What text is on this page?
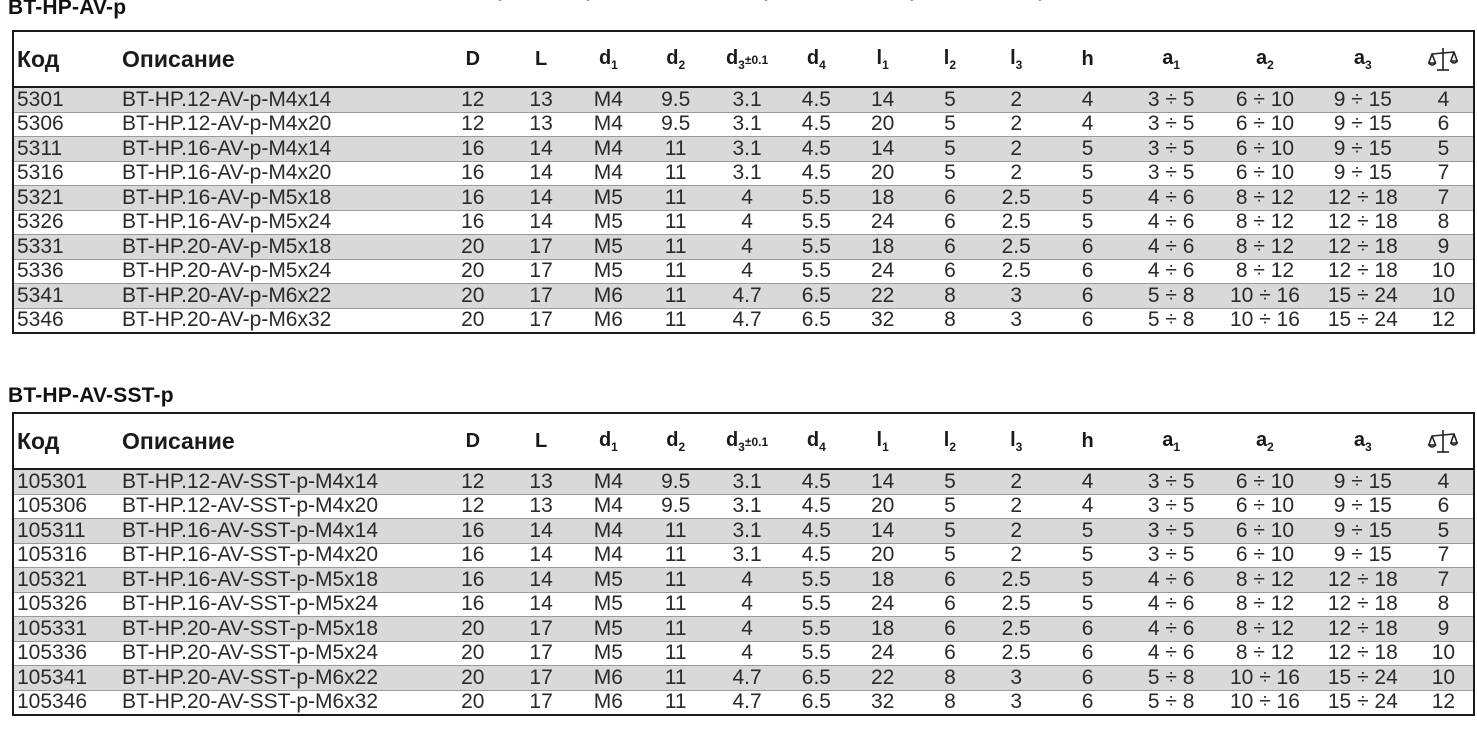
BT-HP-AV-p
Код	Описание	D	L	$d_1$	$d_2$	$d_3\pm 0.1$	$d_4$	$l_1$	$l_2$	$l_3$	h	$a_1$	$a_2$	$a_3$	
5301	BT-HP.12-AV-p-M4x14	12	13	M4	9.5	3.1	4.5	14	5	2	4	3 ÷ 5	6 ÷ 10	9 ÷ 15	4
5306	BT-HP.12-AV-p-M4x20	12	13	M4	9.5	3.1	4.5	20	5	2	4	3 ÷ 5	6 ÷ 10	9 ÷ 15	6
5311	BT-HP.16-AV-p-M4x14	16	14	M4	11	3.1	4.5	14	5	2	5	3 ÷ 5	6 ÷ 10	9 ÷ 15	5
5316	BT-HP.16-AV-p-M4x20	16	14	M4	11	3.1	4.5	20	5	2	5	3 ÷ 5	6 ÷ 10	9 ÷ 15	7
5321	BT-HP.16-AV-p-M5x18	16	14	M5	11	4	5.5	18	6	2.5	5	4 ÷ 6	8 ÷ 12	12 ÷ 18	7
5326	BT-HP.16-AV-p-M5x24	16	14	M5	11	4	5.5	24	6	2.5	5	4 ÷ 6	8 ÷ 12	12 ÷ 18	8
5331	BT-HP.20-AV-p-M5x18	20	17	M5	11	4	5.5	18	6	2.5	6	4 ÷ 6	8 ÷ 12	12 ÷ 18	9
5336	BT-HP.20-AV-p-M5x24	20	17	M5	11	4	5.5	24	6	2.5	6	4 ÷ 6	8 ÷ 12	12 ÷ 18	10
5341	BT-HP.20-AV-p-M6x22	20	17	M6	11	4.7	6.5	22	8	3	6	5 ÷ 8	10 ÷ 16	15 ÷ 24	10
5346	BT-HP.20-AV-p-M6x32	20	17	M6	11	4.7	6.5	32	8	3	6	5 ÷ 8	10 ÷ 16	15 ÷ 24	12
BT-HP-AV-SST-p
Код	Описание	D	L	$d_1$	$d_2$	$d_3\pm 0.1$	$d_4$	$l_1$	$l_2$	$l_3$	h	$a_1$	$a_2$	$a_3$	
105301	BT-HP.12-AV-SST-p-M4x14	12	13	M4	9.5	3.1	4.5	14	5	2	4	3 ÷ 5	6 ÷ 10	9 ÷ 15	4
105306	BT-HP.12-AV-SST-p-M4x20	12	13	M4	9.5	3.1	4.5	20	5	2	4	3 ÷ 5	6 ÷ 10	9 ÷ 15	6
105311	BT-HP.16-AV-SST-p-M4x14	16	14	M4	11	3.1	4.5	14	5	2	5	3 ÷ 5	6 ÷ 10	9 ÷ 15	5
105316	BT-HP.16-AV-SST-p-M4x20	16	14	M4	11	3.1	4.5	20	5	2	5	3 ÷ 5	6 ÷ 10	9 ÷ 15	7
105321	BT-HP.16-AV-SST-p-M5x18	16	14	M5	11	4	5.5	18	6	2.5	5	4 ÷ 6	8 ÷ 12	12 ÷ 18	7
105326	BT-HP.16-AV-SST-p-M5x24	16	14	M5	11	4	5.5	24	6	2.5	5	4 ÷ 6	8 ÷ 12	12 ÷ 18	8
105331	BT-HP.20-AV-SST-p-M5x18	20	17	M5	11	4	5.5	18	6	2.5	6	4 ÷ 6	8 ÷ 12	12 ÷ 18	9
105336	BT-HP.20-AV-SST-p-M5x24	20	17	M5	11	4	5.5	24	6	2.5	6	4 ÷ 6	8 ÷ 12	12 ÷ 18	10
105341	BT-HP.20-AV-SST-p-M6x22	20	17	M6	11	4.7	6.5	22	8	3	6	5 ÷ 8	10 ÷ 16	15 ÷ 24	10
105346	BT-HP.20-AV-SST-p-M6x32	20	17	M6	11	4.7	6.5	32	8	3	6	5 ÷ 8	10 ÷ 16	15 ÷ 24	12
